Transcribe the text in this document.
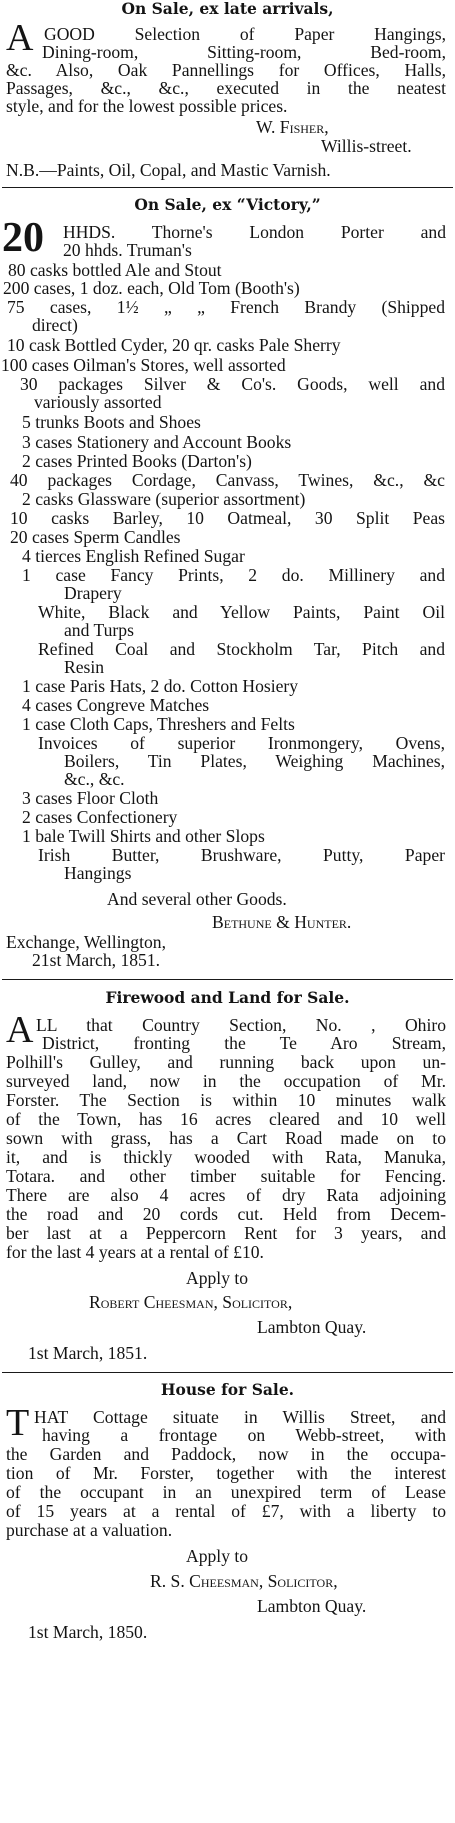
On Sale, ex late arrivals,
A GOOD Selection of Paper Hangings,
Dining-room, Sitting-room, Bed-room,
&c. Also, Oak Pannellings for Offices, Halls,
Passages, &c., &c., executed in the neatest
style, and for the lowest possible prices.
W. Fisher,
Willis-street.
N.B.—Paints, Oil, Copal, and Mastic Varnish.
On Sale, ex “Victory,”
20 HHDS. Thorne's London Porter and
20 hhds. Truman's
80 casks bottled Ale and Stout
200 cases, 1 doz. each, Old Tom (Booth's)
75 cases, 1½ „ „ French Brandy (Shipped
direct)
10 cask Bottled Cyder, 20 qr. casks Pale Sherry
100 cases Oilman's Stores, well assorted
30 packages Silver & Co's. Goods, well and
variously assorted
5 trunks Boots and Shoes
3 cases Stationery and Account Books
2 cases Printed Books (Darton's)
40 packages Cordage, Canvass, Twines, &c., &c
2 casks Glassware (superior assortment)
10 casks Barley, 10 Oatmeal, 30 Split Peas
20 cases Sperm Candles
4 tierces English Refined Sugar
1 case Fancy Prints, 2 do. Millinery and
Drapery
White, Black and Yellow Paints, Paint Oil
and Turps
Refined Coal and Stockholm Tar, Pitch and
Resin
1 case Paris Hats, 2 do. Cotton Hosiery
4 cases Congreve Matches
1 case Cloth Caps, Threshers and Felts
Invoices of superior Ironmongery, Ovens,
Boilers, Tin Plates, Weighing Machines,
&c., &c.
3 cases Floor Cloth
2 cases Confectionery
1 bale Twill Shirts and other Slops
Irish Butter, Brushware, Putty, Paper
Hangings
And several other Goods.
Bethune & Hunter.
Exchange, Wellington,
21st March, 1851.
Firewood and Land for Sale.
A LL that Country Section, No. , Ohiro
District, fronting the Te Aro Stream,
Polhill's Gulley, and running back upon un-
surveyed land, now in the occupation of Mr.
Forster. The Section is within 10 minutes walk
of the Town, has 16 acres cleared and 10 well
sown with grass, has a Cart Road made on to
it, and is thickly wooded with Rata, Manuka,
Totara. and other timber suitable for Fencing.
There are also 4 acres of dry Rata adjoining
the road and 20 cords cut. Held from Decem-
ber last at a Peppercorn Rent for 3 years, and
for the last 4 years at a rental of £10.
Apply to
Robert Cheesman, Solicitor,
Lambton Quay.
1st March, 1851.
House for Sale.
T HAT Cottage situate in Willis Street, and
having a frontage on Webb-street, with
the Garden and Paddock, now in the occupa-
tion of Mr. Forster, together with the interest
of the occupant in an unexpired term of Lease
of 15 years at a rental of £7, with a liberty to
purchase at a valuation.
Apply to
R. S. Cheesman, Solicitor,
Lambton Quay.
1st March, 1850.
